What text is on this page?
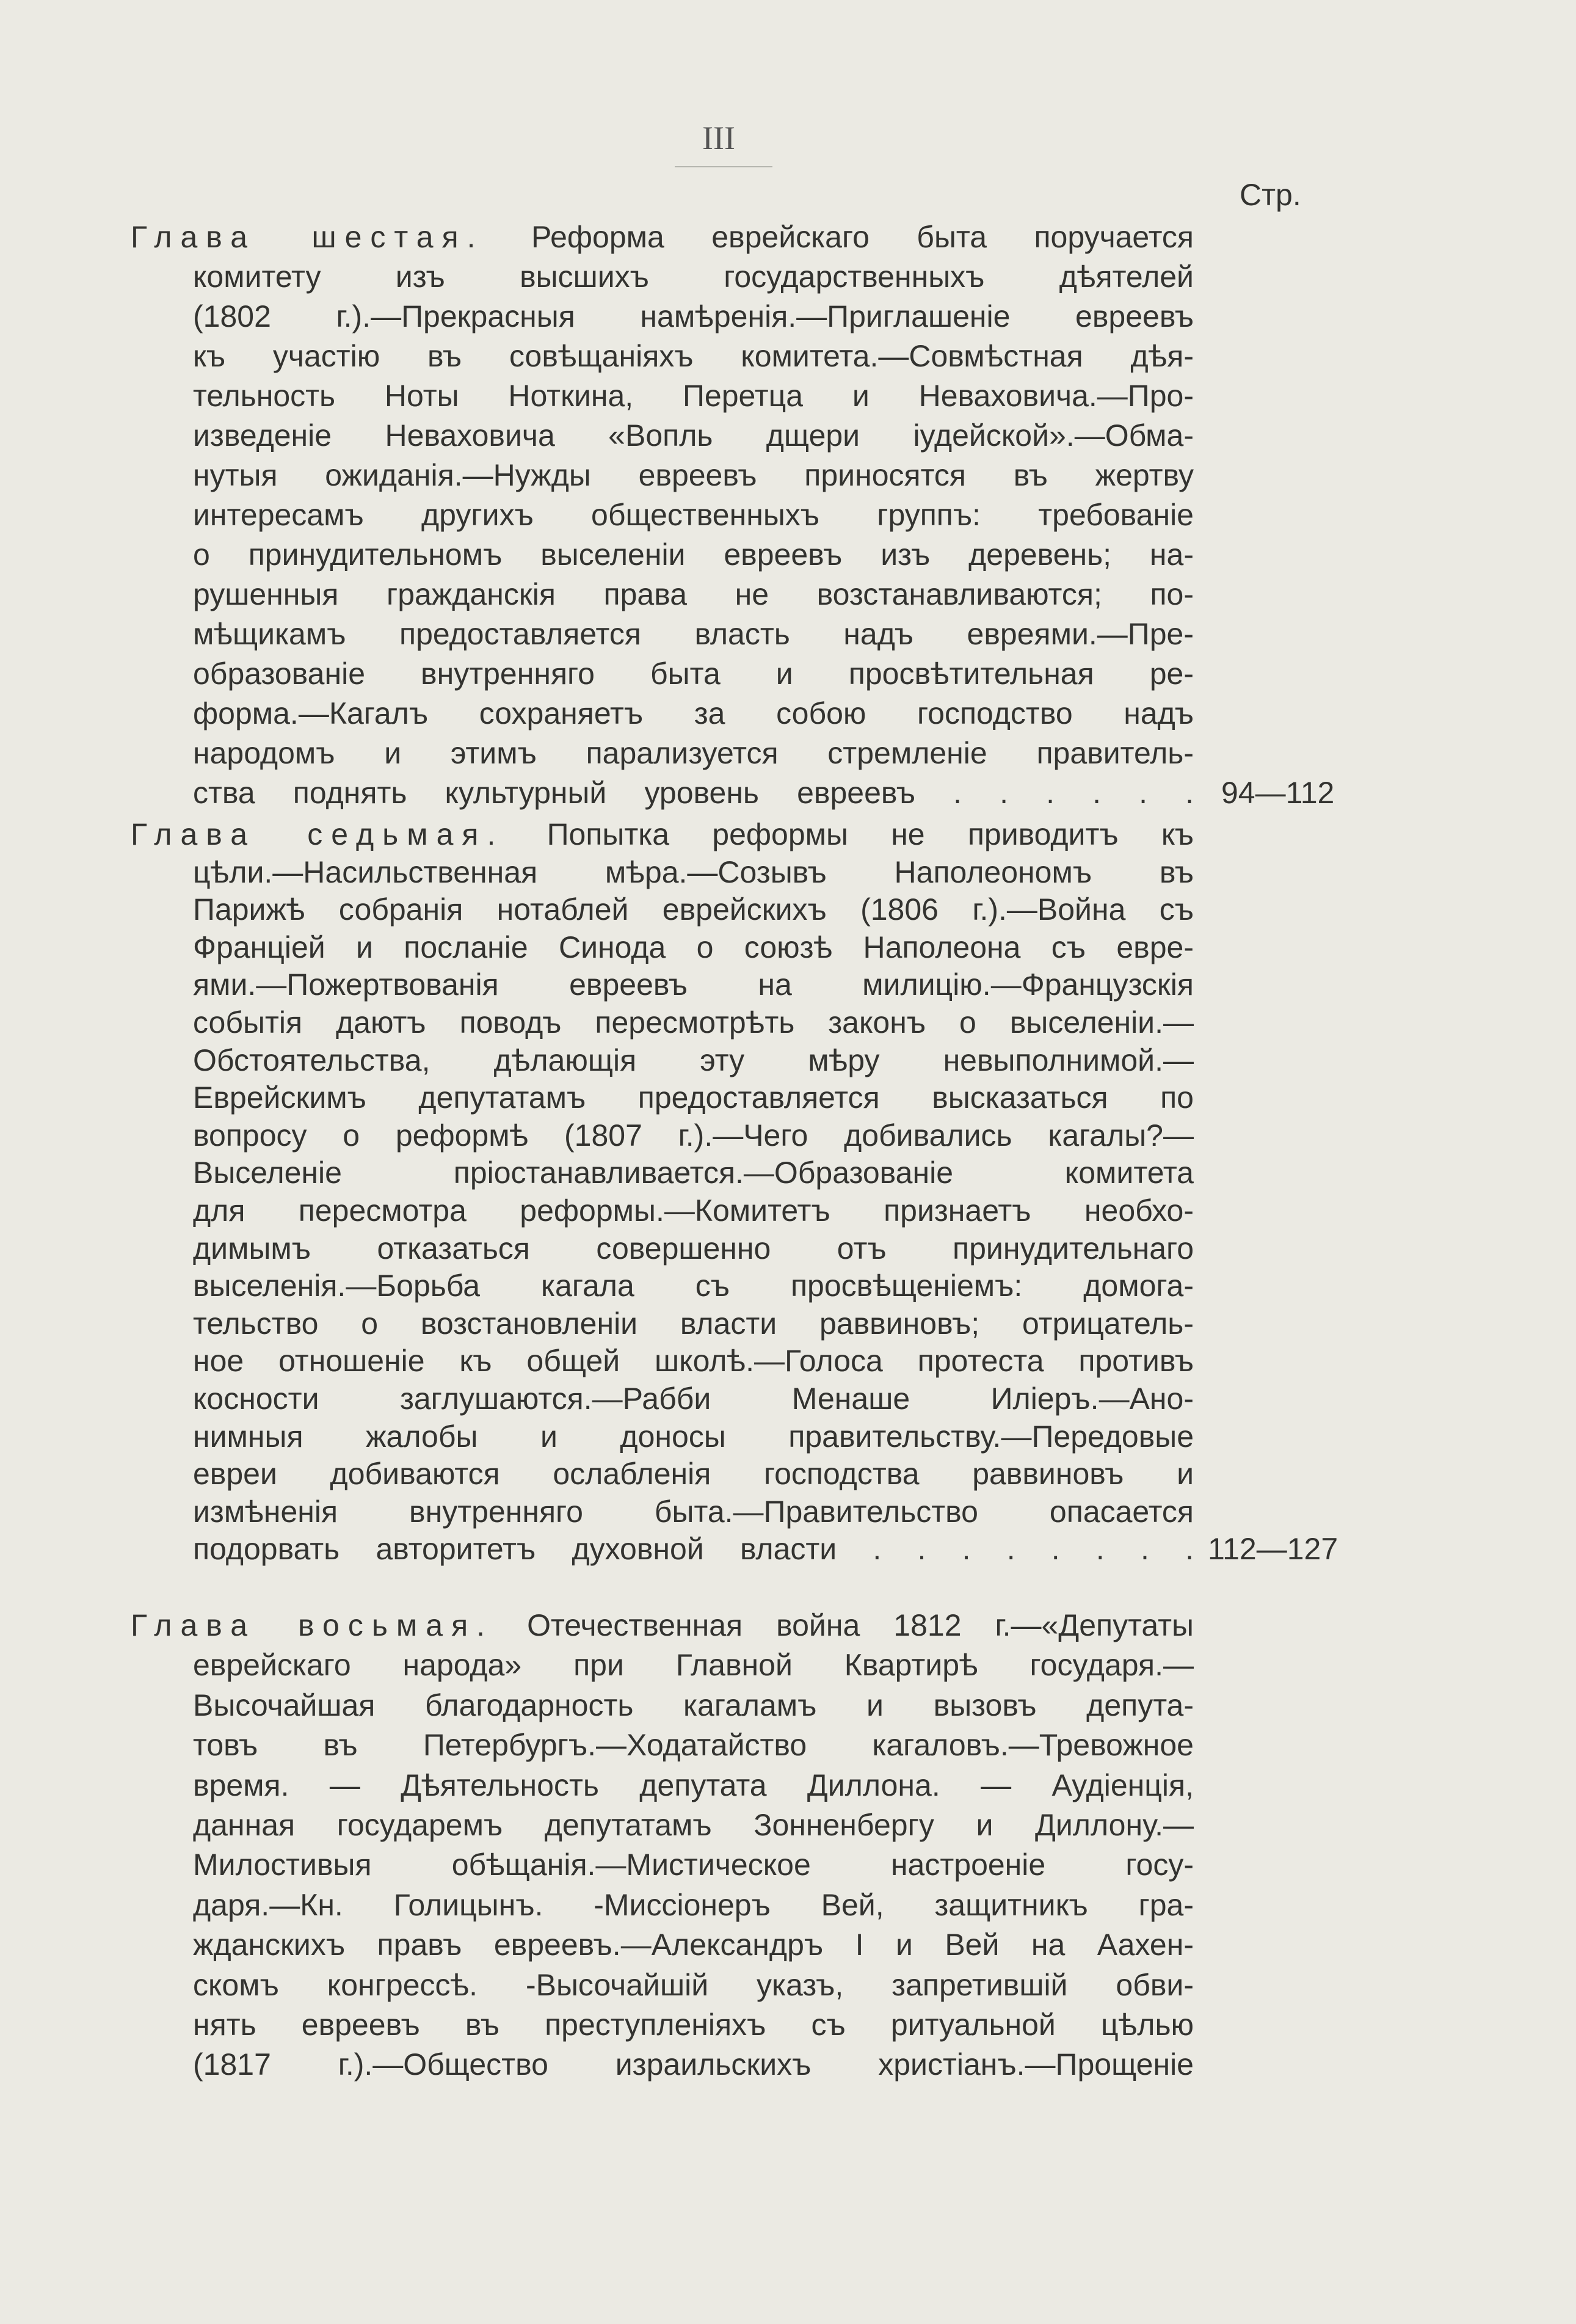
III
Стр.
Глава шестая. Реформа еврейскаго быта поручается
комитету изъ высшихъ государственныхъ дѣятелей
(1802 г.).—Прекрасныя намѣренія.—Приглашеніе евреевъ
къ участію въ совѣщаніяхъ комитета.—Совмѣстная дѣя-
тельность Ноты Ноткина, Перетца и Неваховича.—Про-
изведеніе Неваховича «Вопль дщери іудейской».—Обма-
нутыя ожиданія.—Нужды евреевъ приносятся въ жертву
интересамъ другихъ общественныхъ группъ: требованіе
о принудительномъ выселеніи евреевъ изъ деревень; на-
рушенныя гражданскія права не возстанавливаются; по-
мѣщикамъ предоставляется власть надъ евреями.—Пре-
образованіе внутренняго быта и просвѣтительная ре-
форма.—Кагалъ сохраняетъ за собою господство надъ
народомъ и этимъ парализуется стремленіе правитель-
ства поднять культурный уровень евреевъ . . . . . . 94—112
Глава седьмая. Попытка реформы не приводитъ къ
цѣли.—Насильственная мѣра.—Созывъ Наполеономъ въ
Парижѣ собранія нотаблей еврейскихъ (1806 г.).—Война съ
Франціей и посланіе Синода о союзѣ Наполеона съ евре-
ями.—Пожертвованія евреевъ на милицію.—Французскія
событія даютъ поводъ пересмотрѣть законъ о выселеніи.—
Обстоятельства, дѣлающія эту мѣру невыполнимой.—
Еврейскимъ депутатамъ предоставляется высказаться по
вопросу о реформѣ (1807 г.).—Чего добивались кагалы?—
Выселеніе пріостанавливается.—Образованіе комитета
для пересмотра реформы.—Комитетъ признаетъ необхо-
димымъ отказаться совершенно отъ принудительнаго
выселенія.—Борьба кагала съ просвѣщеніемъ: домога-
тельство о возстановленіи власти раввиновъ; отрицатель-
ное отношеніе къ общей школѣ.—Голоса протеста противъ
косности заглушаются.—Рабби Менаше Иліеръ.—Ано-
нимныя жалобы и доносы правительству.—Передовые
евреи добиваются ослабленія господства раввиновъ и
измѣненія внутренняго быта.—Правительство опасается
подорвать авторитетъ духовной власти . . . . . . . . 112—127
Глава восьмая. Отечественная война 1812 г.—«Депутаты
еврейскаго народа» при Главной Квартирѣ государя.—
Высочайшая благодарность кагаламъ и вызовъ депута-
товъ въ Петербургъ.—Ходатайство кагаловъ.—Тревожное
время. — Дѣятельность депутата Диллона. — Аудіенція,
данная государемъ депутатамъ Зонненбергу и Диллону.—
Милостивыя обѣщанія.—Мистическое настроеніе госу-
даря.—Кн. Голицынъ. -Миссіонеръ Вей, защитникъ гра-
жданскихъ правъ евреевъ.—Александръ I и Вей на Аахен-
скомъ конгрессѣ. -Высочайшій указъ, запретившій обви-
нять евреевъ въ преступленіяхъ съ ритуальной цѣлью
(1817 г.).—Общество израильскихъ христіанъ.—Прощеніе
